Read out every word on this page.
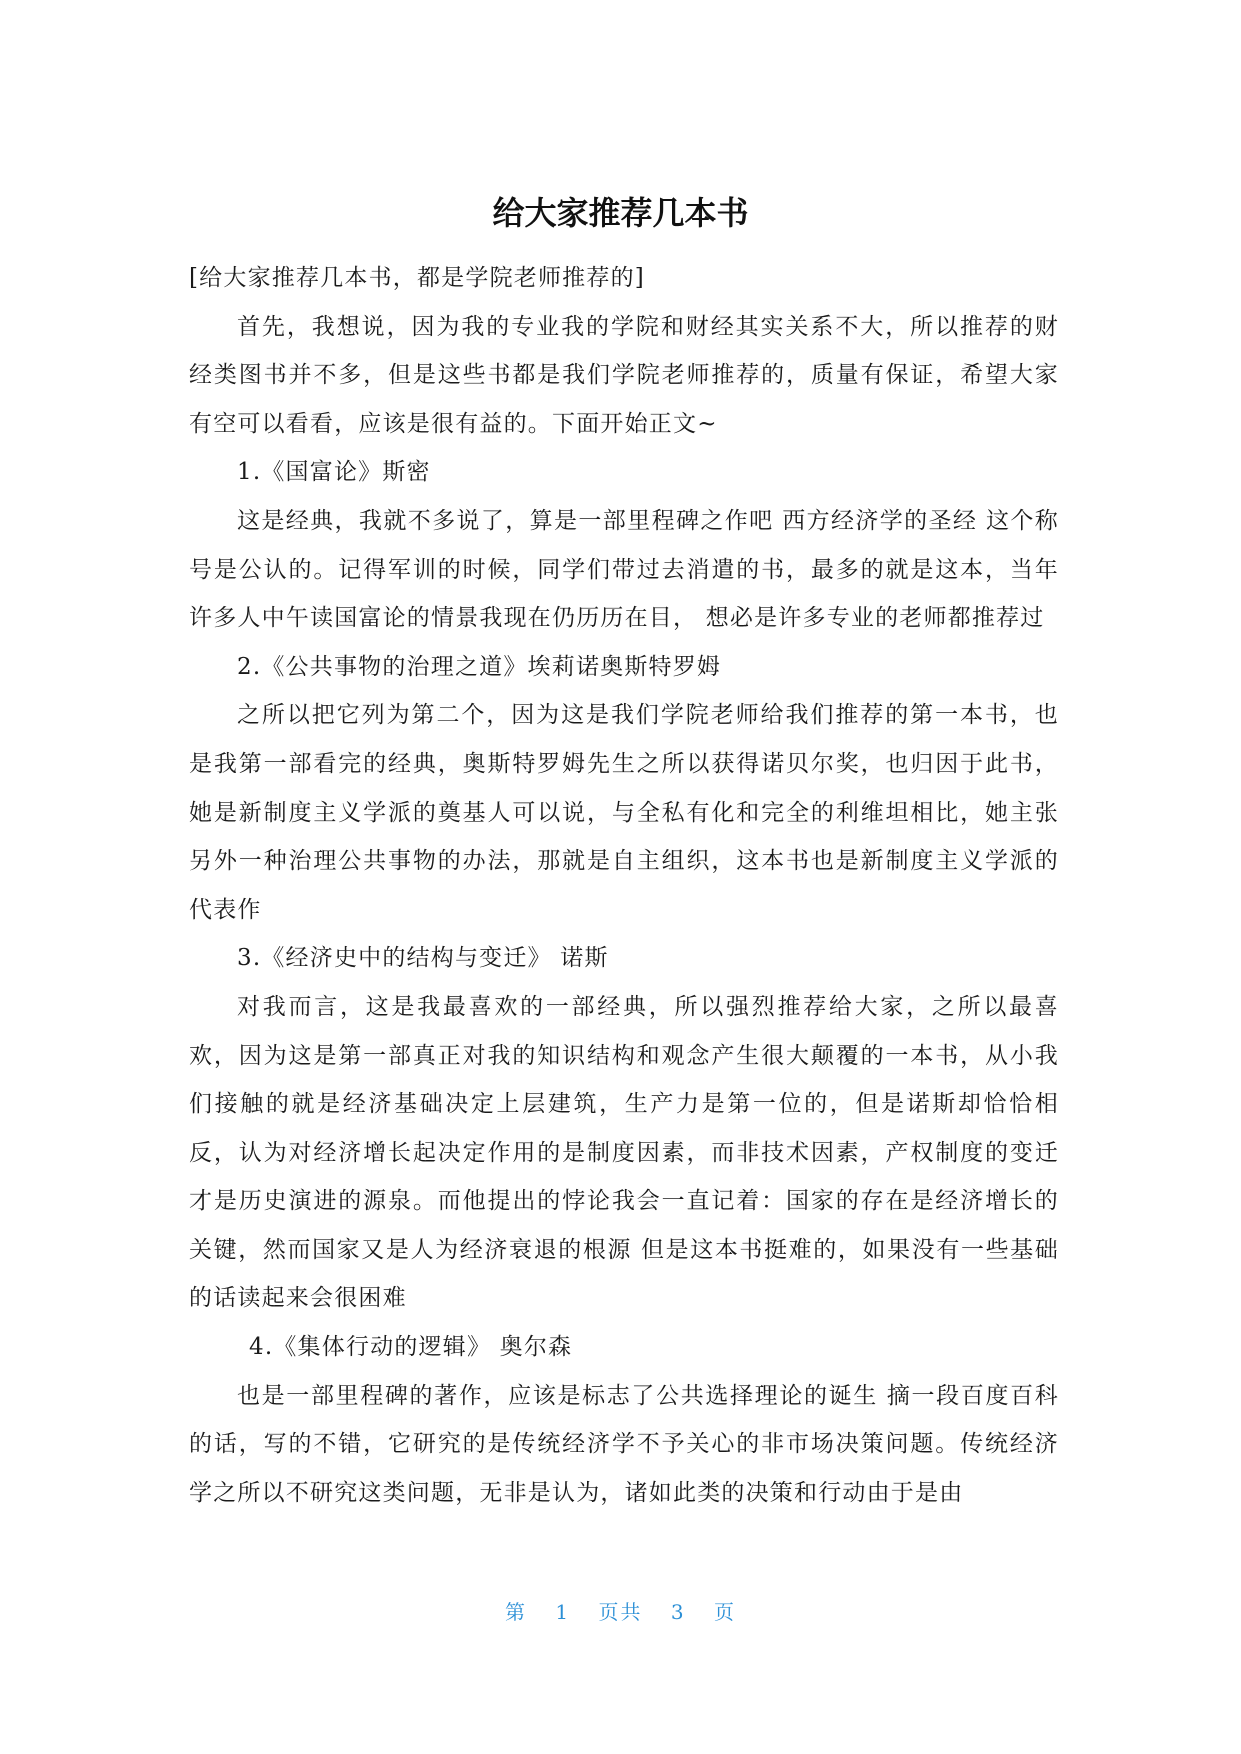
给大家推荐几本书

[给大家推荐几本书，都是学院老师推荐的]

首先，我想说，因为我的专业我的学院和财经其实关系不大，所以推荐的财经类图书并不多，但是这些书都是我们学院老师推荐的，质量有保证，希望大家有空可以看看，应该是很有益的。下面开始正文~

1.《国富论》斯密

这是经典，我就不多说了，算是一部里程碑之作吧 西方经济学的圣经 这个称号是公认的。记得军训的时候，同学们带过去消遣的书，最多的就是这本，当年许多人中午读国富论的情景我现在仍历历在目， 想必是许多专业的老师都推荐过

2.《公共事物的治理之道》埃莉诺奥斯特罗姆

之所以把它列为第二个，因为这是我们学院老师给我们推荐的第一本书，也是我第一部看完的经典，奥斯特罗姆先生之所以获得诺贝尔奖，也归因于此书，她是新制度主义学派的奠基人可以说，与全私有化和完全的利维坦相比，她主张另外一种治理公共事物的办法，那就是自主组织，这本书也是新制度主义学派的代表作

3.《经济史中的结构与变迁》 诺斯

对我而言，这是我最喜欢的一部经典，所以强烈推荐给大家，之所以最喜欢，因为这是第一部真正对我的知识结构和观念产生很大颠覆的一本书，从小我们接触的就是经济基础决定上层建筑，生产力是第一位的，但是诺斯却恰恰相反，认为对经济增长起决定作用的是制度因素，而非技术因素，产权制度的变迁才是历史演进的源泉。而他提出的悖论我会一直记着：国家的存在是经济增长的关键，然而国家又是人为经济衰退的根源 但是这本书挺难的，如果没有一些基础的话读起来会很困难

4.《集体行动的逻辑》 奥尔森

也是一部里程碑的著作，应该是标志了公共选择理论的诞生 摘一段百度百科的话，写的不错，它研究的是传统经济学不予关心的非市场决策问题。传统经济学之所以不研究这类问题，无非是认为，诸如此类的决策和行动由于是由

第 1 页共 3 页
